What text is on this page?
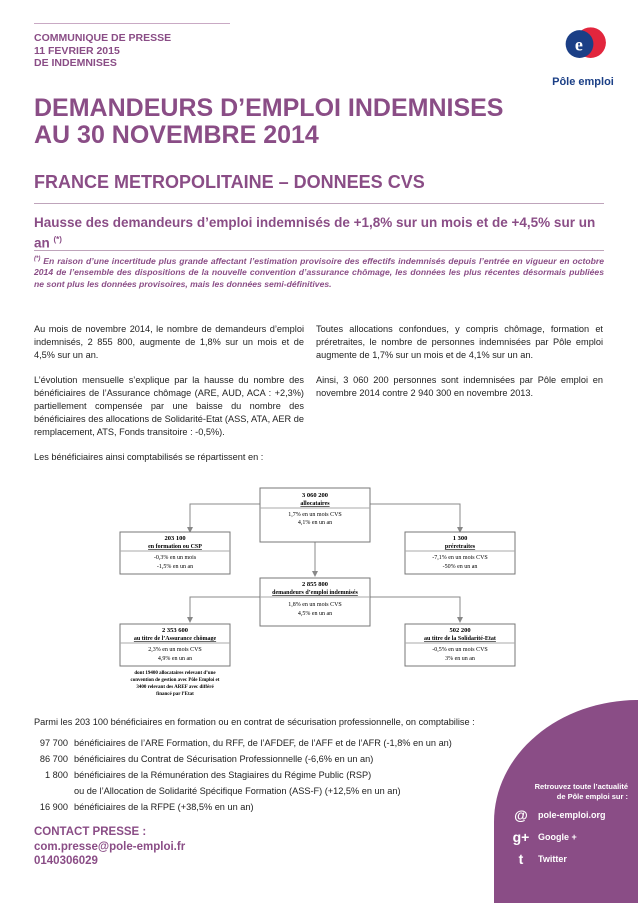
COMMUNIQUE DE PRESSE
11 FEVRIER 2015
DE INDEMNISES
e
Pôle emploi
DEMANDEURS D’EMPLOI INDEMNISES
AU 30 NOVEMBRE 2014
FRANCE METROPOLITAINE – DONNEES CVS
Hausse des demandeurs d’emploi indemnisés de +1,8% sur un mois et de +4,5% sur un an (*)
(*) En raison d’une incertitude plus grande affectant l’estimation provisoire des effectifs indemnisés depuis l’entrée en vigueur en octobre 2014 de l’ensemble des dispositions de la nouvelle convention d’assurance chômage, les données les plus récentes désormais publiées ne sont plus les données provisoires, mais les données semi-définitives.

Au mois de novembre 2014, le nombre de demandeurs d’emploi indemnisés, 2 855 800, augmente de 1,8% sur un mois et de 4,5% sur un an.

L’évolution mensuelle s’explique par la hausse du nombre des bénéficiaires de l’Assurance chômage (ARE, AUD, ACA : +2,3%) partiellement compensée par une baisse du nombre des bénéficiaires des allocations de Solidarité-Etat (ASS, ATA, AER de remplacement, ATS, Fonds transitoire : -0,5%).

Les bénéficiaires ainsi comptabilisés se répartissent en :

Toutes allocations confondues, y compris chômage, formation et préretraites, le nombre de personnes indemnisées par Pôle emploi augmente de 1,7% sur un mois et de 4,1% sur un an.

Ainsi, 3 060 200 personnes sont indemnisées par Pôle emploi en novembre 2014 contre 2 940 300 en novembre 2013.

3 060 200
allocataires
1,7% en un mois CVS
4,1% en un an
203 100
en formation ou CSP
-0,3% en un mois
-1,5% en un an
1 300
préretraites
-7,1% en un mois CVS
-50% en un an
2 855 800
demandeurs d’emploi indemnisés
1,8% en un mois CVS
4,5% en un an
2 353 600
au titre de l’Assurance chômage
2,3% en un mois CVS
4,9% en un an
dont 19400 allocataires relevant d’une
convention de gestion avec Pôle Emploi et
3400 relevant des AREF avec différé
financé par l’Etat
502 200
au titre de la Solidarité-Etat
-0,5% en un mois CVS
3% en un an
Parmi les 203 100 bénéficiaires en formation ou en contrat de sécurisation professionnelle, on comptabilise :
97 700 bénéficiaires de l’ARE Formation, du RFF, de l’AFDEF, de l’AFF et de l’AFR (-1,8% en un an)
86 700 bénéficiaires du Contrat de Sécurisation Professionnelle (-6,6% en un an)
1 800 bénéficiaires de la Rémunération des Stagiaires du Régime Public (RSP)
ou de l’Allocation de Solidarité Spécifique Formation (ASS-F) (+12,5% en un an)
16 900 bénéficiaires de la RFPE (+38,5% en un an)
Retrouvez toute l’actualité
de Pôle emploi sur :
@	pole-emploi.org
g+ Google +
t	Twitter
CONTACT PRESSE :
com.presse@pole-emploi.fr
0140306029
